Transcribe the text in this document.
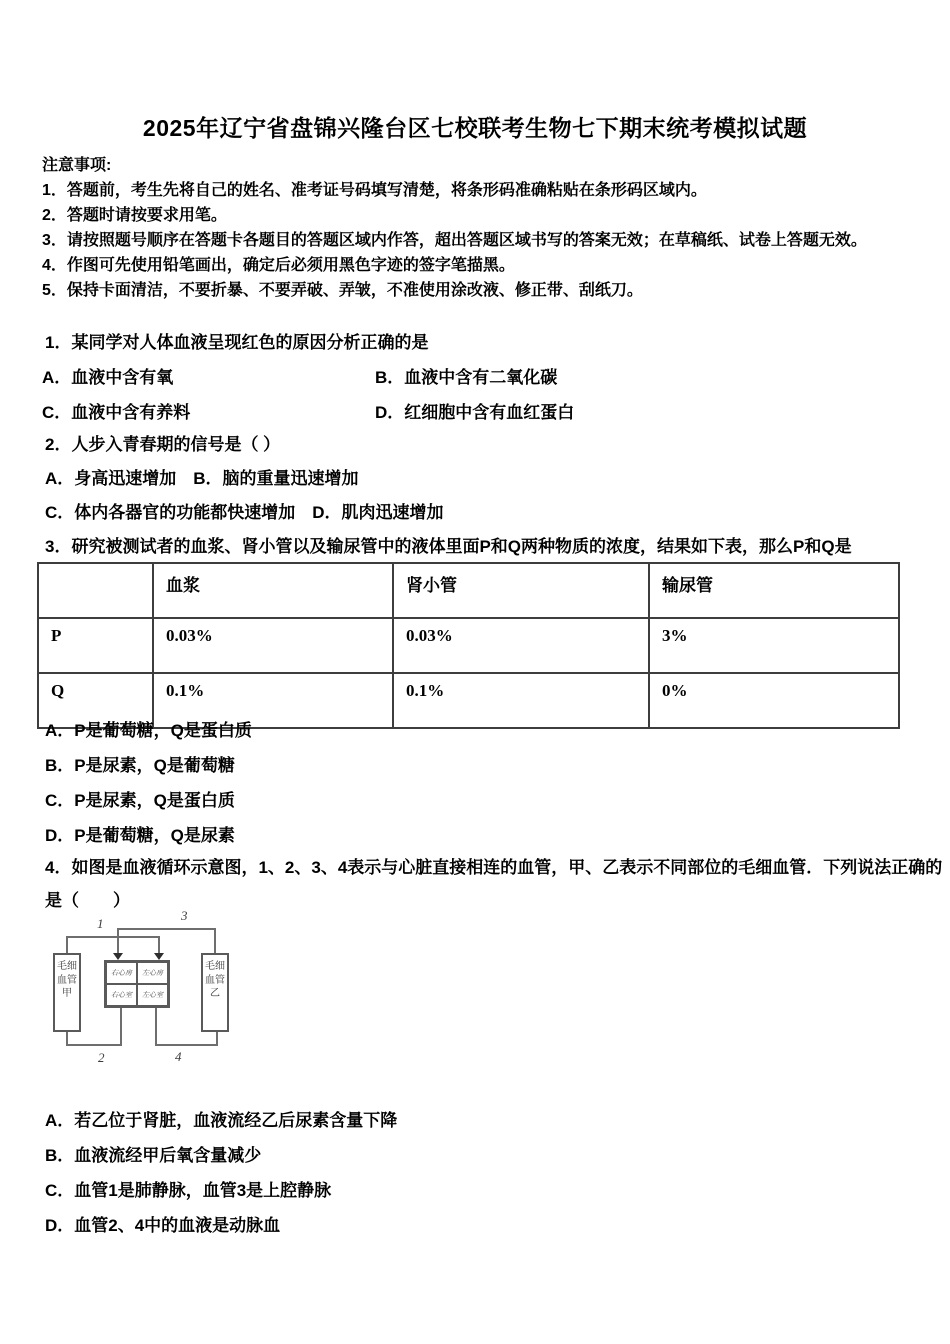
2025年辽宁省盘锦兴隆台区七校联考生物七下期末统考模拟试题
注意事项:
1．答题前，考生先将自己的姓名、准考证号码填写清楚，将条形码准确粘贴在条形码区域内。
2．答题时请按要求用笔。
3．请按照题号顺序在答题卡各题目的答题区域内作答，超出答题区域书写的答案无效；在草稿纸、试卷上答题无效。
4．作图可先使用铅笔画出，确定后必须用黑色字迹的签字笔描黑。
5．保持卡面清洁，不要折暴、不要弄破、弄皱，不准使用涂改液、修正带、刮纸刀。
1．某同学对人体血液呈现红色的原因分析正确的是
A．血液中含有氧	B．血液中含有二氧化碳
C．血液中含有养料	D．红细胞中含有血红蛋白
2．人步入青春期的信号是（ ）
A．身高迅速增加　B．脑的重量迅速增加
C．体内各器官的功能都快速增加　D．肌肉迅速增加
3．研究被测试者的血浆、肾小管以及输尿管中的液体里面P和Q两种物质的浓度，结果如下表，那么P和Q是
	血浆	肾小管	输尿管
P	0.03%	0.03%	3%
Q	0.1%	0.1%	0%
A．P是葡萄糖，Q是蛋白质
B．P是尿素，Q是葡萄糖
C．P是尿素，Q是蛋白质
D．P是葡萄糖，Q是尿素
4．如图是血液循环示意图，1、2、3、4表示与心脏直接相连的血管，甲、乙表示不同部位的毛细血管．下列说法正确的
是（　　）
1
3
2	4
毛细血管甲
毛细血管乙
右心房	左心房
右心室	左心室
A．若乙位于肾脏，血液流经乙后尿素含量下降
B．血液流经甲后氧含量减少
C．血管1是肺静脉，血管3是上腔静脉
D．血管2、4中的血液是动脉血
